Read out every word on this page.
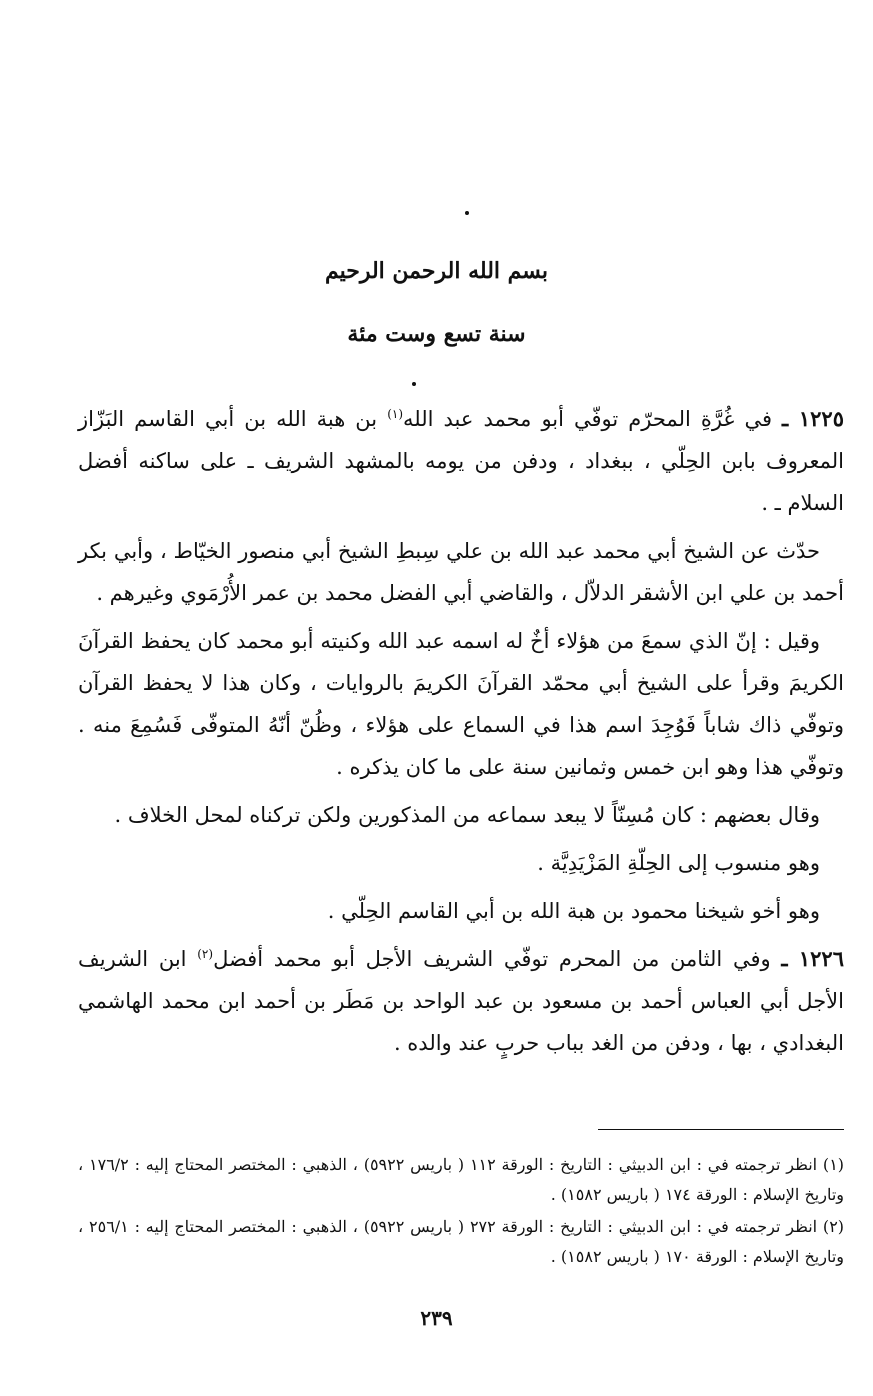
بسم الله الرحمن الرحيم
سنة تسع وست مئة

١٢٢٥ ـ في غُرَّةِ المحرّم توفّي أبو محمد عبد الله$^{(١)}$ بن هبة الله بن أبي القاسم البَزّاز المعروف بابن الحِلّي ، ببغداد ، ودفن من يومه بالمشهد الشريف ـ على ساكنه أفضل السلام ـ .

حدّث عن الشيخ أبي محمد عبد الله بن علي سِبطِ الشيخ أبي منصور الخيّاط ، وأبي بكر أحمد بن علي ابن الأشقر الدلاّل ، والقاضي أبي الفضل محمد بن عمر الأُرْمَوي وغيرهم .

وقيل : إنّ الذي سمعَ من هؤلاء أخٌ له اسمه عبد الله وكنيته أبو محمد كان يحفظ القرآنَ الكريمَ وقرأ على الشيخ أبي محمّد القرآنَ الكريمَ بالروايات ، وكان هذا لا يحفظ القرآن وتوفّي ذاك شاباً فَوُجِدَ اسم هذا في السماع على هؤلاء ، وظُنّ أنّهُ المتوفّى فَسُمِعَ منه . وتوفّي هذا وهو ابن خمس وثمانين سنة على ما كان يذكره .

وقال بعضهم : كان مُسِنّاً لا يبعد سماعه من المذكورين ولكن تركناه لمحل الخلاف .

وهو منسوب إلى الحِلّةِ المَزْيَدِيَّة .

وهو أخو شيخنا محمود بن هبة الله بن أبي القاسم الحِلّي .

١٢٢٦ ـ وفي الثامن من المحرم توفّي الشريف الأجل أبو محمد أفضل$^{(٢)}$ ابن الشريف الأجل أبي العباس أحمد بن مسعود بن عبد الواحد بن مَطَر بن أحمد ابن محمد الهاشمي البغدادي ، بها ، ودفن من الغد بباب حربٍ عند والده .

(١) انظر ترجمته في : ابن الدبيثي : التاريخ : الورقة ١١٢ ( باريس ٥٩٢٢) ، الذهبي : المختصر المحتاج إليه : ١٧٦/٢ ، وتاريخ الإسلام : الورقة ١٧٤ ( باريس ١٥٨٢) .

(٢) انظر ترجمته في : ابن الدبيثي : التاريخ : الورقة ٢٧٢ ( باريس ٥٩٢٢) ، الذهبي : المختصر المحتاج إليه : ٢٥٦/١ ، وتاريخ الإسلام : الورقة ١٧٠ ( باريس ١٥٨٢) .

٢٣٩
